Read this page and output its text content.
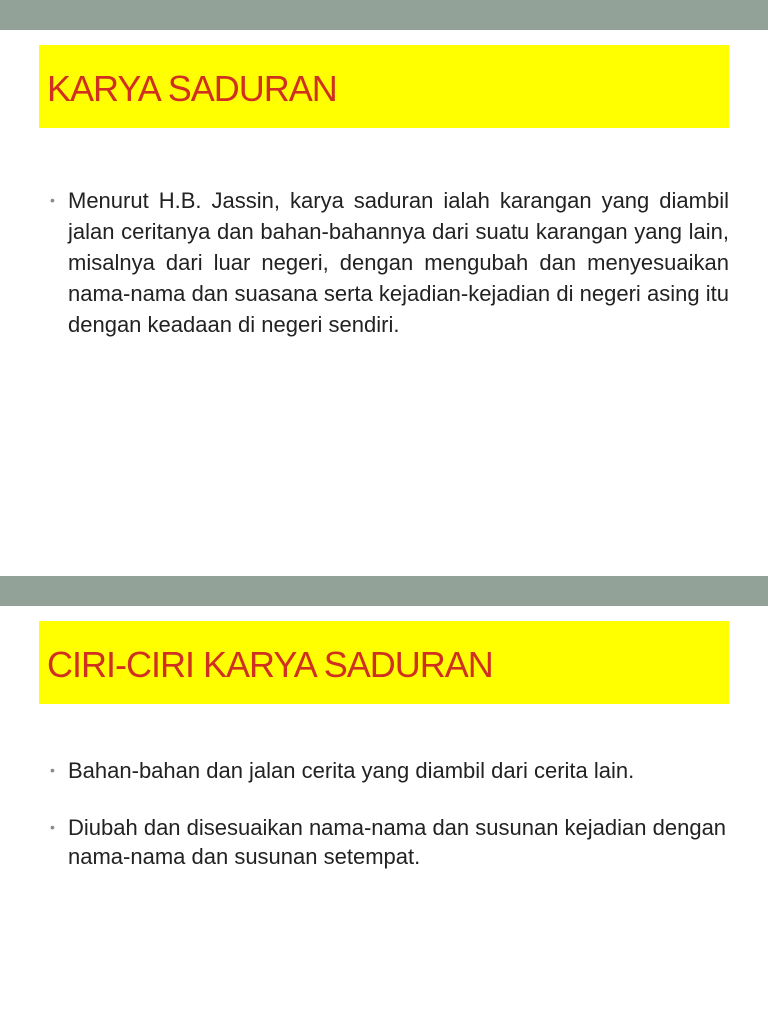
KARYA SADURAN
• Menurut H.B. Jassin, karya saduran ialah karangan yang diambil jalan ceritanya dan bahan-bahannya dari suatu karangan yang lain, misalnya dari luar negeri, dengan mengubah dan menyesuaikan nama-nama dan suasana serta kejadian-kejadian di negeri asing itu dengan keadaan di negeri sendiri.
CIRI-CIRI KARYA SADURAN
• Bahan-bahan dan jalan cerita yang diambil dari cerita lain.
• Diubah dan disesuaikan nama-nama dan susunan kejadian dengan nama-nama dan susunan setempat.
